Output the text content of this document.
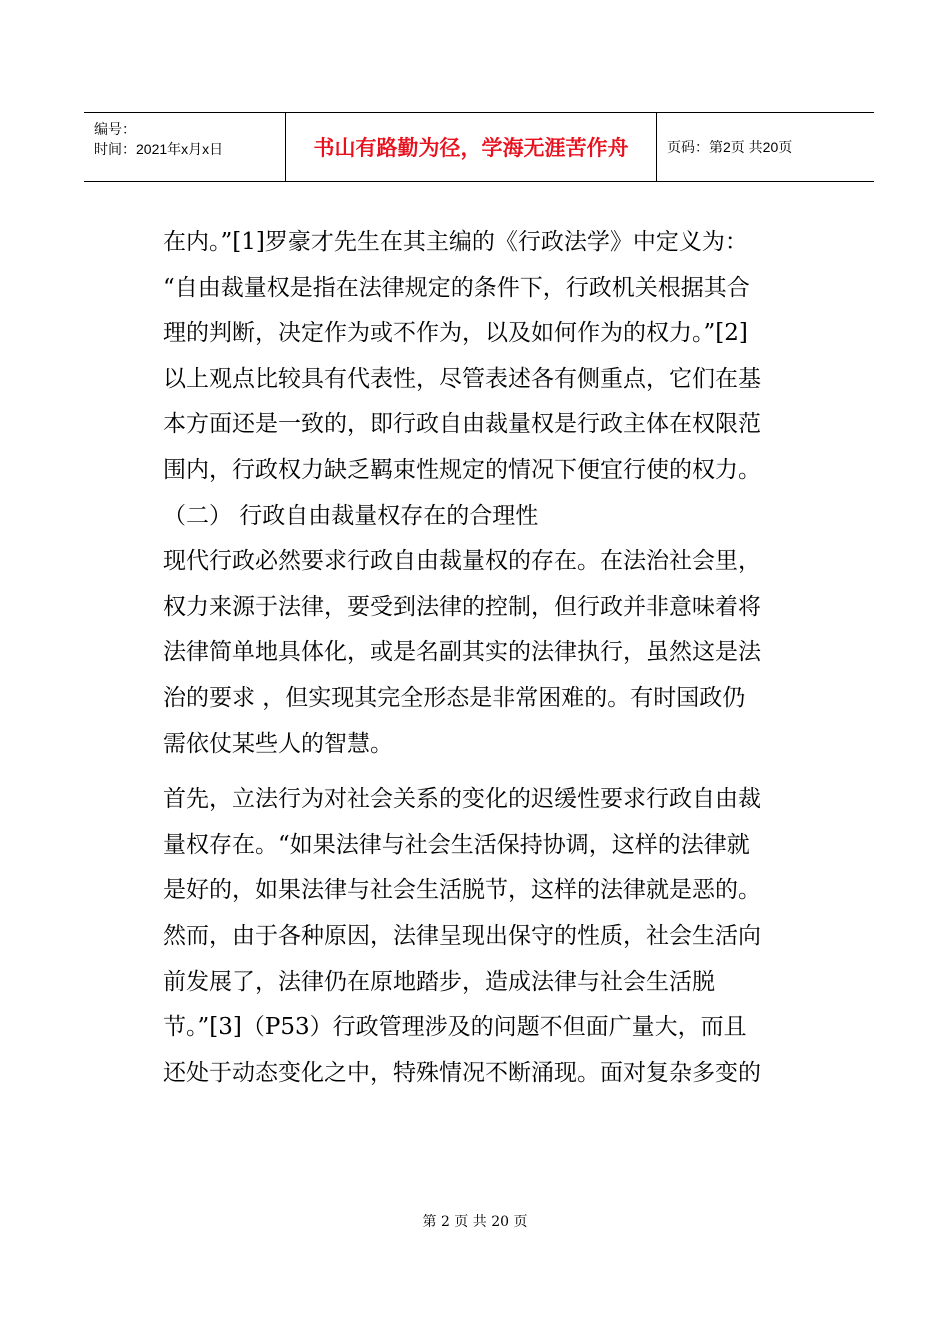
编号：
时间：2021年x月x日	书山有路勤为径，学海无涯苦作舟	页码：第2页 共20页
在内。”[1]罗豪才先生在其主编的《行政法学》中定义为：
“自由裁量权是指在法律规定的条件下，行政机关根据其合
理的判断，决定作为或不作为，以及如何作为的权力。”[2]
以上观点比较具有代表性，尽管表述各有侧重点，它们在基
本方面还是一致的，即行政自由裁量权是行政主体在权限范
围内，行政权力缺乏羁束性规定的情况下便宜行使的权力。
（二） 行政自由裁量权存在的合理性
现代行政必然要求行政自由裁量权的存在。在法治社会里，
权力来源于法律，要受到法律的控制，但行政并非意味着将
法律简单地具体化，或是名副其实的法律执行，虽然这是法
治的要求 ，但实现其完全形态是非常困难的。有时国政仍
需依仗某些人的智慧。
首先，立法行为对社会关系的变化的迟缓性要求行政自由裁
量权存在。“如果法律与社会生活保持协调，这样的法律就
是好的，如果法律与社会生活脱节，这样的法律就是恶的。
然而，由于各种原因，法律呈现出保守的性质，社会生活向
前发展了，法律仍在原地踏步，造成法律与社会生活脱
节。”[3]（P53）行政管理涉及的问题不但面广量大，而且
还处于动态变化之中，特殊情况不断涌现。面对复杂多变的
第 2 页 共 20 页
